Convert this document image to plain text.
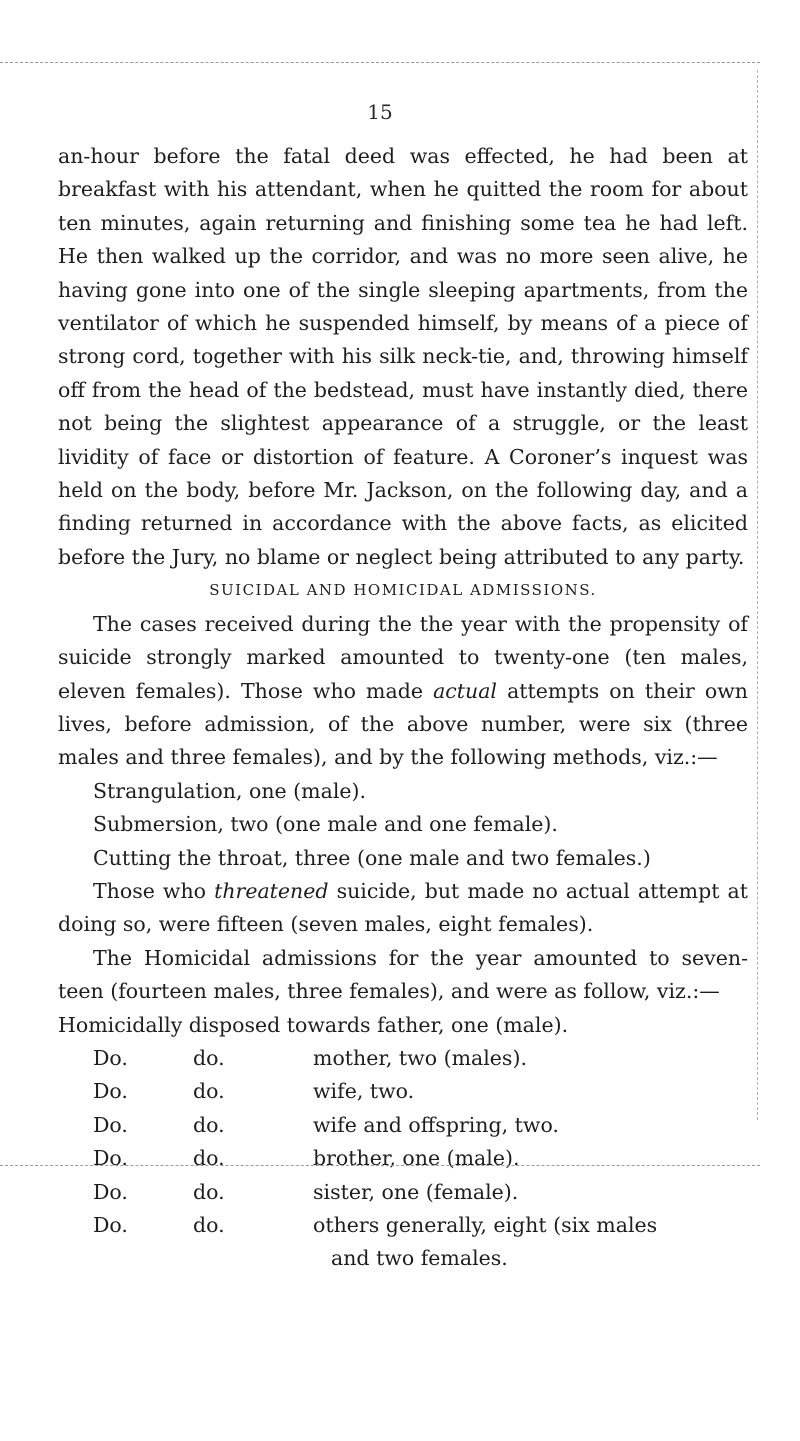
15

an-hour before the fatal deed was effected, he had been at breakfast with his attendant, when he quitted the room for about ten minutes, again returning and finishing some tea he had left. He then walked up the corridor, and was no more seen alive, he having gone into one of the single sleeping apartments, from the ventilator of which he suspended himself, by means of a piece of strong cord, together with his silk neck-tie, and, throwing himself off from the head of the bedstead, must have instantly died, there not being the slightest appearance of a struggle, or the least lividity of face or distortion of feature. A Coroner’s inquest was held on the body, before Mr. Jackson, on the following day, and a finding returned in accordance with the above facts, as elicited before the Jury, no blame or neglect being attributed to any party.

SUICIDAL AND HOMICIDAL ADMISSIONS.

The cases received during the the year with the propensity of suicide strongly marked amounted to twenty-one (ten males, eleven females). Those who made actual attempts on their own lives, before admission, of the above number, were six (three males and three females), and by the following methods, viz.:—

Strangulation, one (male).
Submersion, two (one male and one female).
Cutting the throat, three (one male and two females.)

Those who threatened suicide, but made no actual attempt at doing so, were fifteen (seven males, eight females).

The Homicidal admissions for the year amounted to seven- teen (fourteen males, three females), and were as follow, viz.:—

Homicidally disposed towards father, one (male).

Do.	do.	mother, two (males).
Do.	do.	wife, two.
Do.	do.	wife and offspring, two.
Do.	do.	brother, one (male).
Do.	do.	sister, one (female).
Do.	do.	others generally, eight (six males
and two females.
